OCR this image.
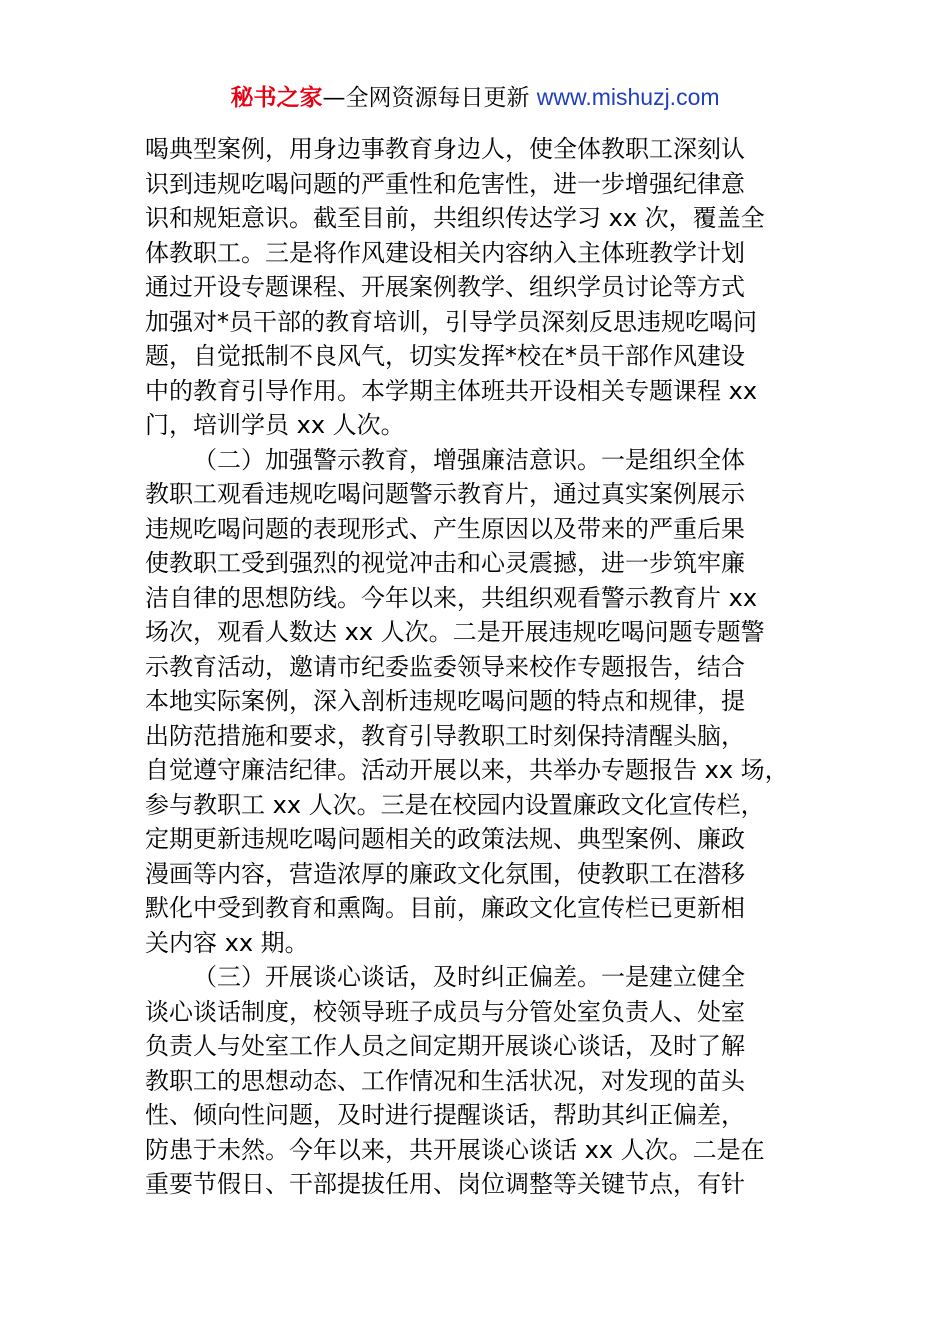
秘书之家—全网资源每日更新 www.mishuzj.com
喝典型案例，用身边事教育身边人，使全体教职工深刻认
识到违规吃喝问题的严重性和危害性，进一步增强纪律意
识和规矩意识。截至目前，共组织传达学习 xx 次，覆盖全
体教职工。三是将作风建设相关内容纳入主体班教学计划
通过开设专题课程、开展案例教学、组织学员讨论等方式
加强对*员干部的教育培训，引导学员深刻反思违规吃喝问
题，自觉抵制不良风气，切实发挥*校在*员干部作风建设
中的教育引导作用。本学期主体班共开设相关专题课程 xx
门，培训学员 xx 人次。
（二）加强警示教育，增强廉洁意识。一是组织全体
教职工观看违规吃喝问题警示教育片，通过真实案例展示
违规吃喝问题的表现形式、产生原因以及带来的严重后果
使教职工受到强烈的视觉冲击和心灵震撼，进一步筑牢廉
洁自律的思想防线。今年以来，共组织观看警示教育片 xx
场次，观看人数达 xx 人次。二是开展违规吃喝问题专题警
示教育活动，邀请市纪委监委领导来校作专题报告，结合
本地实际案例，深入剖析违规吃喝问题的特点和规律，提
出防范措施和要求，教育引导教职工时刻保持清醒头脑，
自觉遵守廉洁纪律。活动开展以来，共举办专题报告 xx 场，
参与教职工 xx 人次。三是在校园内设置廉政文化宣传栏，
定期更新违规吃喝问题相关的政策法规、典型案例、廉政
漫画等内容，营造浓厚的廉政文化氛围，使教职工在潜移
默化中受到教育和熏陶。目前，廉政文化宣传栏已更新相
关内容 xx 期。
（三）开展谈心谈话，及时纠正偏差。一是建立健全
谈心谈话制度，校领导班子成员与分管处室负责人、处室
负责人与处室工作人员之间定期开展谈心谈话，及时了解
教职工的思想动态、工作情况和生活状况，对发现的苗头
性、倾向性问题，及时进行提醒谈话，帮助其纠正偏差，
防患于未然。今年以来，共开展谈心谈话 xx 人次。二是在
重要节假日、干部提拔任用、岗位调整等关键节点，有针
